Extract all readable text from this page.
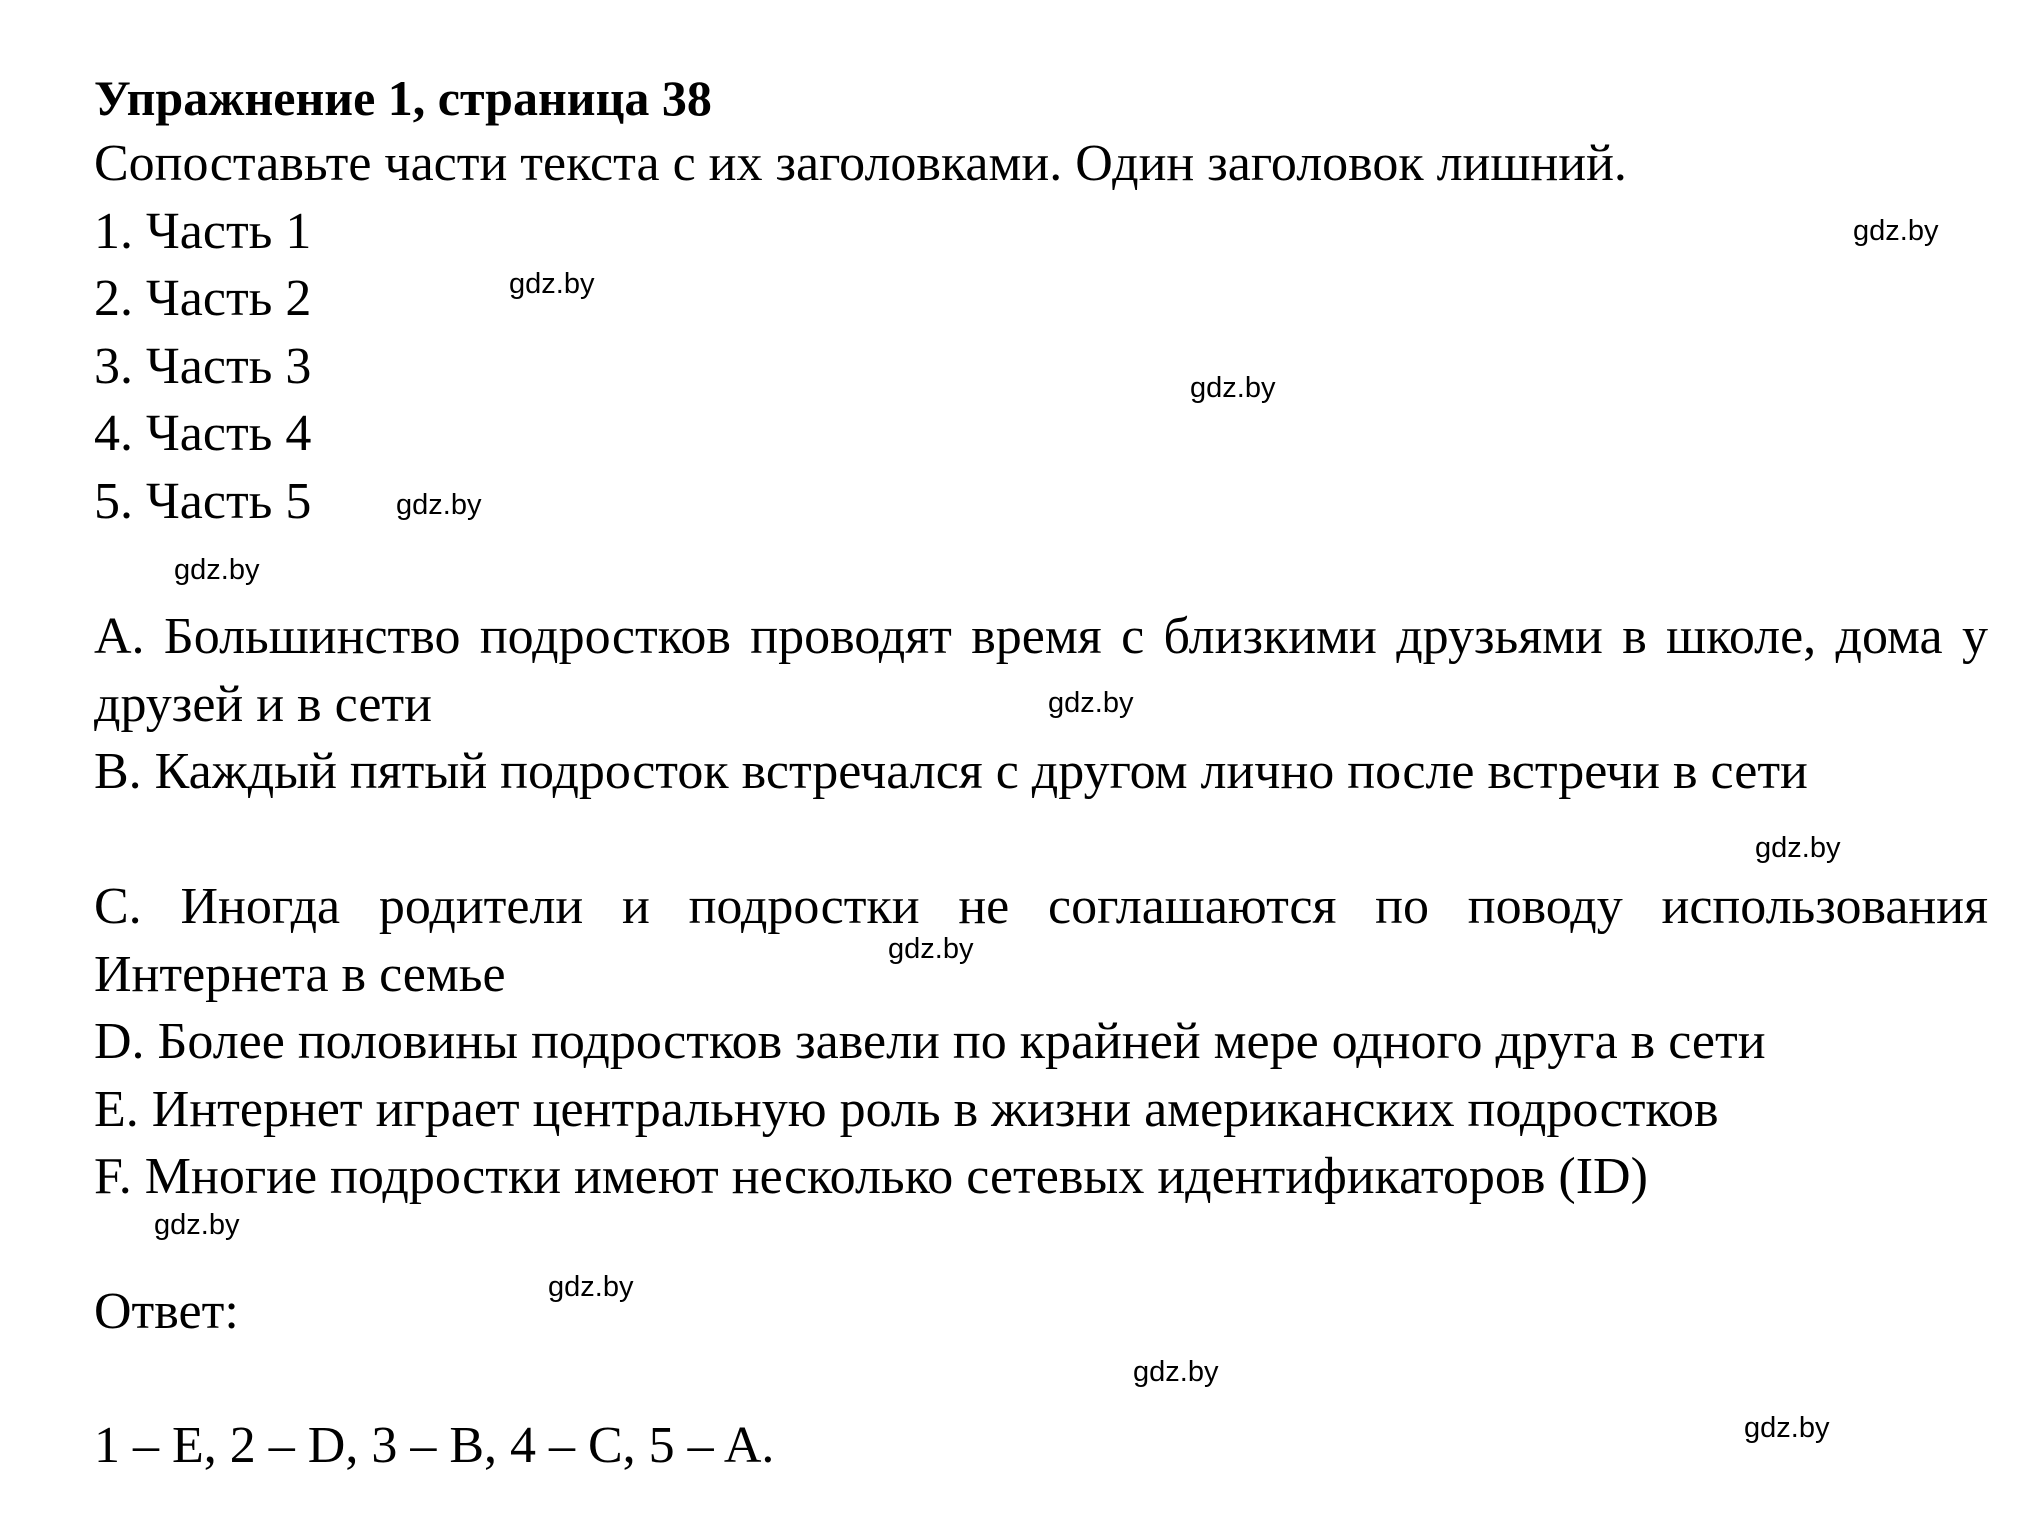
Упражнение 1, страница 38

Сопоставьте части текста с их заголовками. Один заголовок лишний.

1. Часть 1

2. Часть 2

3. Часть 3

4. Часть 4

5. Часть 5

A. Большинство подростков проводят время с близкими друзьями в школе, дома у друзей и в сети

B. Каждый пятый подросток встречался с другом лично после встречи в сети

C. Иногда родители и подростки не соглашаются по поводу использования Интернета в семье

D. Более половины подростков завели по крайней мере одного друга в сети

E. Интернет играет центральную роль в жизни американских подростков

F. Многие подростки имеют несколько сетевых идентификаторов (ID)

Ответ:

1 – E, 2 – D, 3 – B, 4 – C, 5 – A.

gdz.by
gdz.by
gdz.by
gdz.by
gdz.by
gdz.by
gdz.by
gdz.by
gdz.by
gdz.by
gdz.by
gdz.by
